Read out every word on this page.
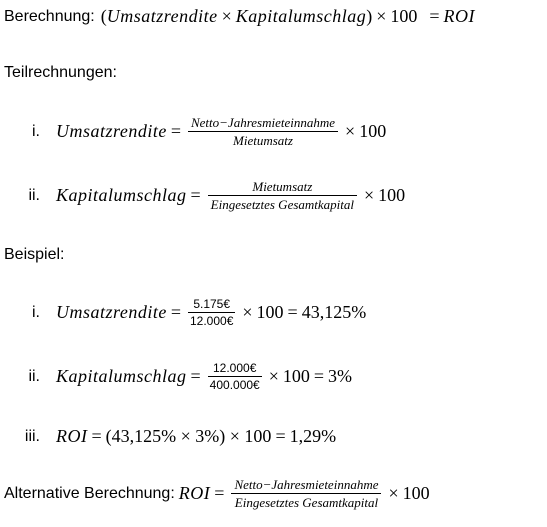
Berechnung: ( Umsatzrendite × Kapitalumschlag ) × 100 = ROI
Teilrechnungen:
i. Umsatzrendite = $\frac{\text{Netto−Jahresmieteinnahme}}{\text{Mietumsatz}} \times 100$
ii. Kapitalumschlag = $\frac{\text{Mietumsatz}}{\text{Eingesetztes Gesamtkapital}} \times 100$
Beispiel:
i. Umsatzrendite = $\frac{5.175€}{12.000€} \times 100 = 43,125\%$
ii. Kapitalumschlag = $\frac{12.000€}{400.000€} \times 100 = 3\%$
iii. ROI = (43,125% × 3%) × 100 = 1,29%
Alternative Berechnung: ROI = $\frac{\text{Netto−Jahresmieteinnahme}}{\text{Eingesetztes Gesamtkapital}} \times 100$
